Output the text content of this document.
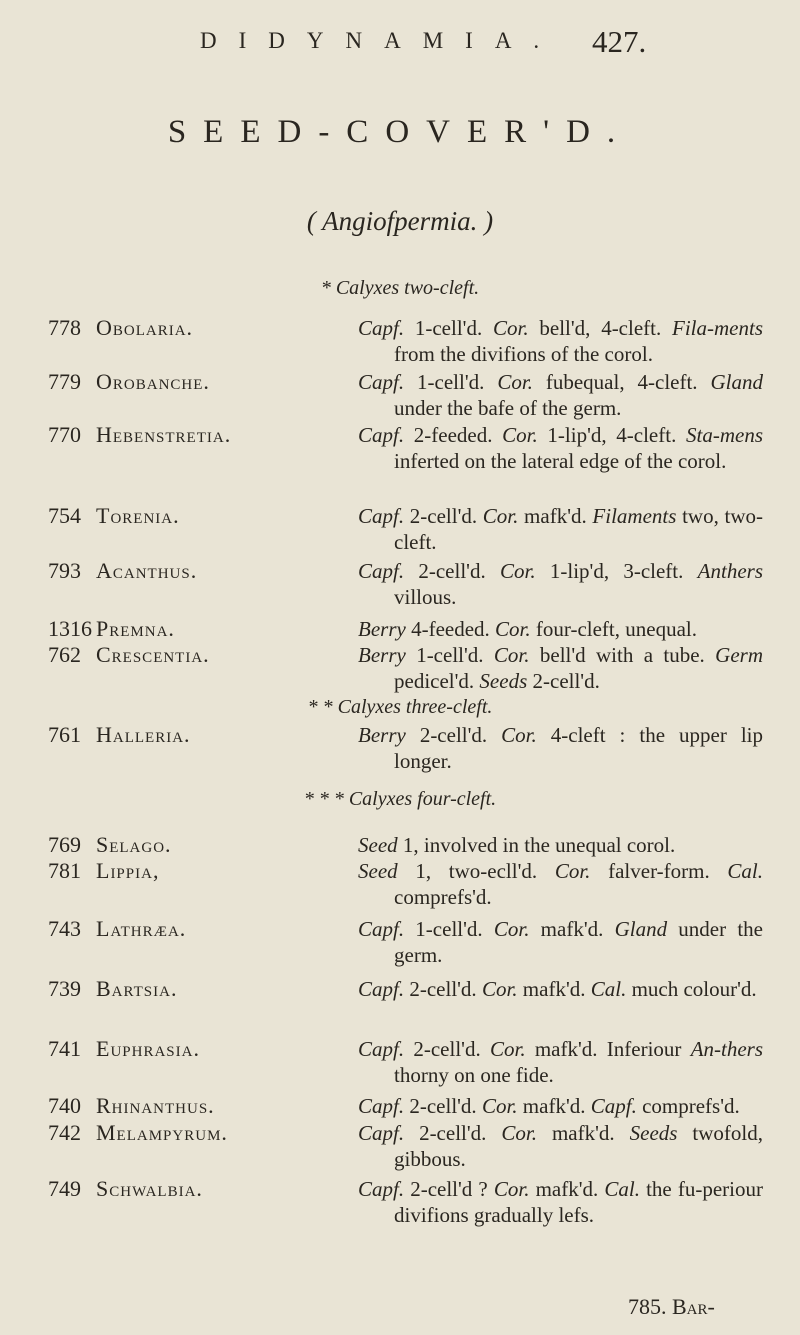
DIDYNAMIA. 427.
SEED-COVER'D.
( Angiofpermia. )
* Calyxes two-cleft.
778 Obolaria.	Capf. 1-cell'd. Cor. bell'd, 4-cleft. Fila-ments from the divifions of the corol.
779 Orobanche.	Capf. 1-cell'd. Cor. fubequal, 4-cleft. Gland under the bafe of the germ.
770 Hebenstretia.	Capf. 2-feeded. Cor. 1-lip'd, 4-cleft. Sta-mens inferted on the lateral edge of the corol.
754 Torenia.	Capf. 2-cell'd. Cor. mafk'd. Filaments two, two-cleft.
793 Acanthus.	Capf. 2-cell'd. Cor. 1-lip'd, 3-cleft. Anthers villous.
1316 Premna.	Berry 4-feeded. Cor. four-cleft, unequal.
762 Crescentia.	Berry 1-cell'd. Cor. bell'd with a tube. Germ pedicel'd. Seeds 2-cell'd.
* * Calyxes three-cleft.
761 Halleria.	Berry 2-cell'd. Cor. 4-cleft : the upper lip longer.
* * * Calyxes four-cleft.
769 Selago.	Seed 1, involved in the unequal corol.
781 Lippia,	Seed 1, two-ecll'd. Cor. falver-form. Cal. comprefs'd.
743 Lathræa.	Capf. 1-cell'd. Cor. mafk'd. Gland under the germ.
739 Bartsia.	Capf. 2-cell'd. Cor. mafk'd. Cal. much colour'd.
741 Euphrasia.	Capf. 2-cell'd. Cor. mafk'd. Inferiour An-thers thorny on one fide.
740 Rhinanthus.	Capf. 2-cell'd. Cor. mafk'd. Capf. comprefs'd.
742 Melampyrum.	Capf. 2-cell'd. Cor. mafk'd. Seeds twofold, gibbous.
749 Schwalbia.	Capf. 2-cell'd ? Cor. mafk'd. Cal. the fu-periour divifions gradually lefs.
785. Bar-
